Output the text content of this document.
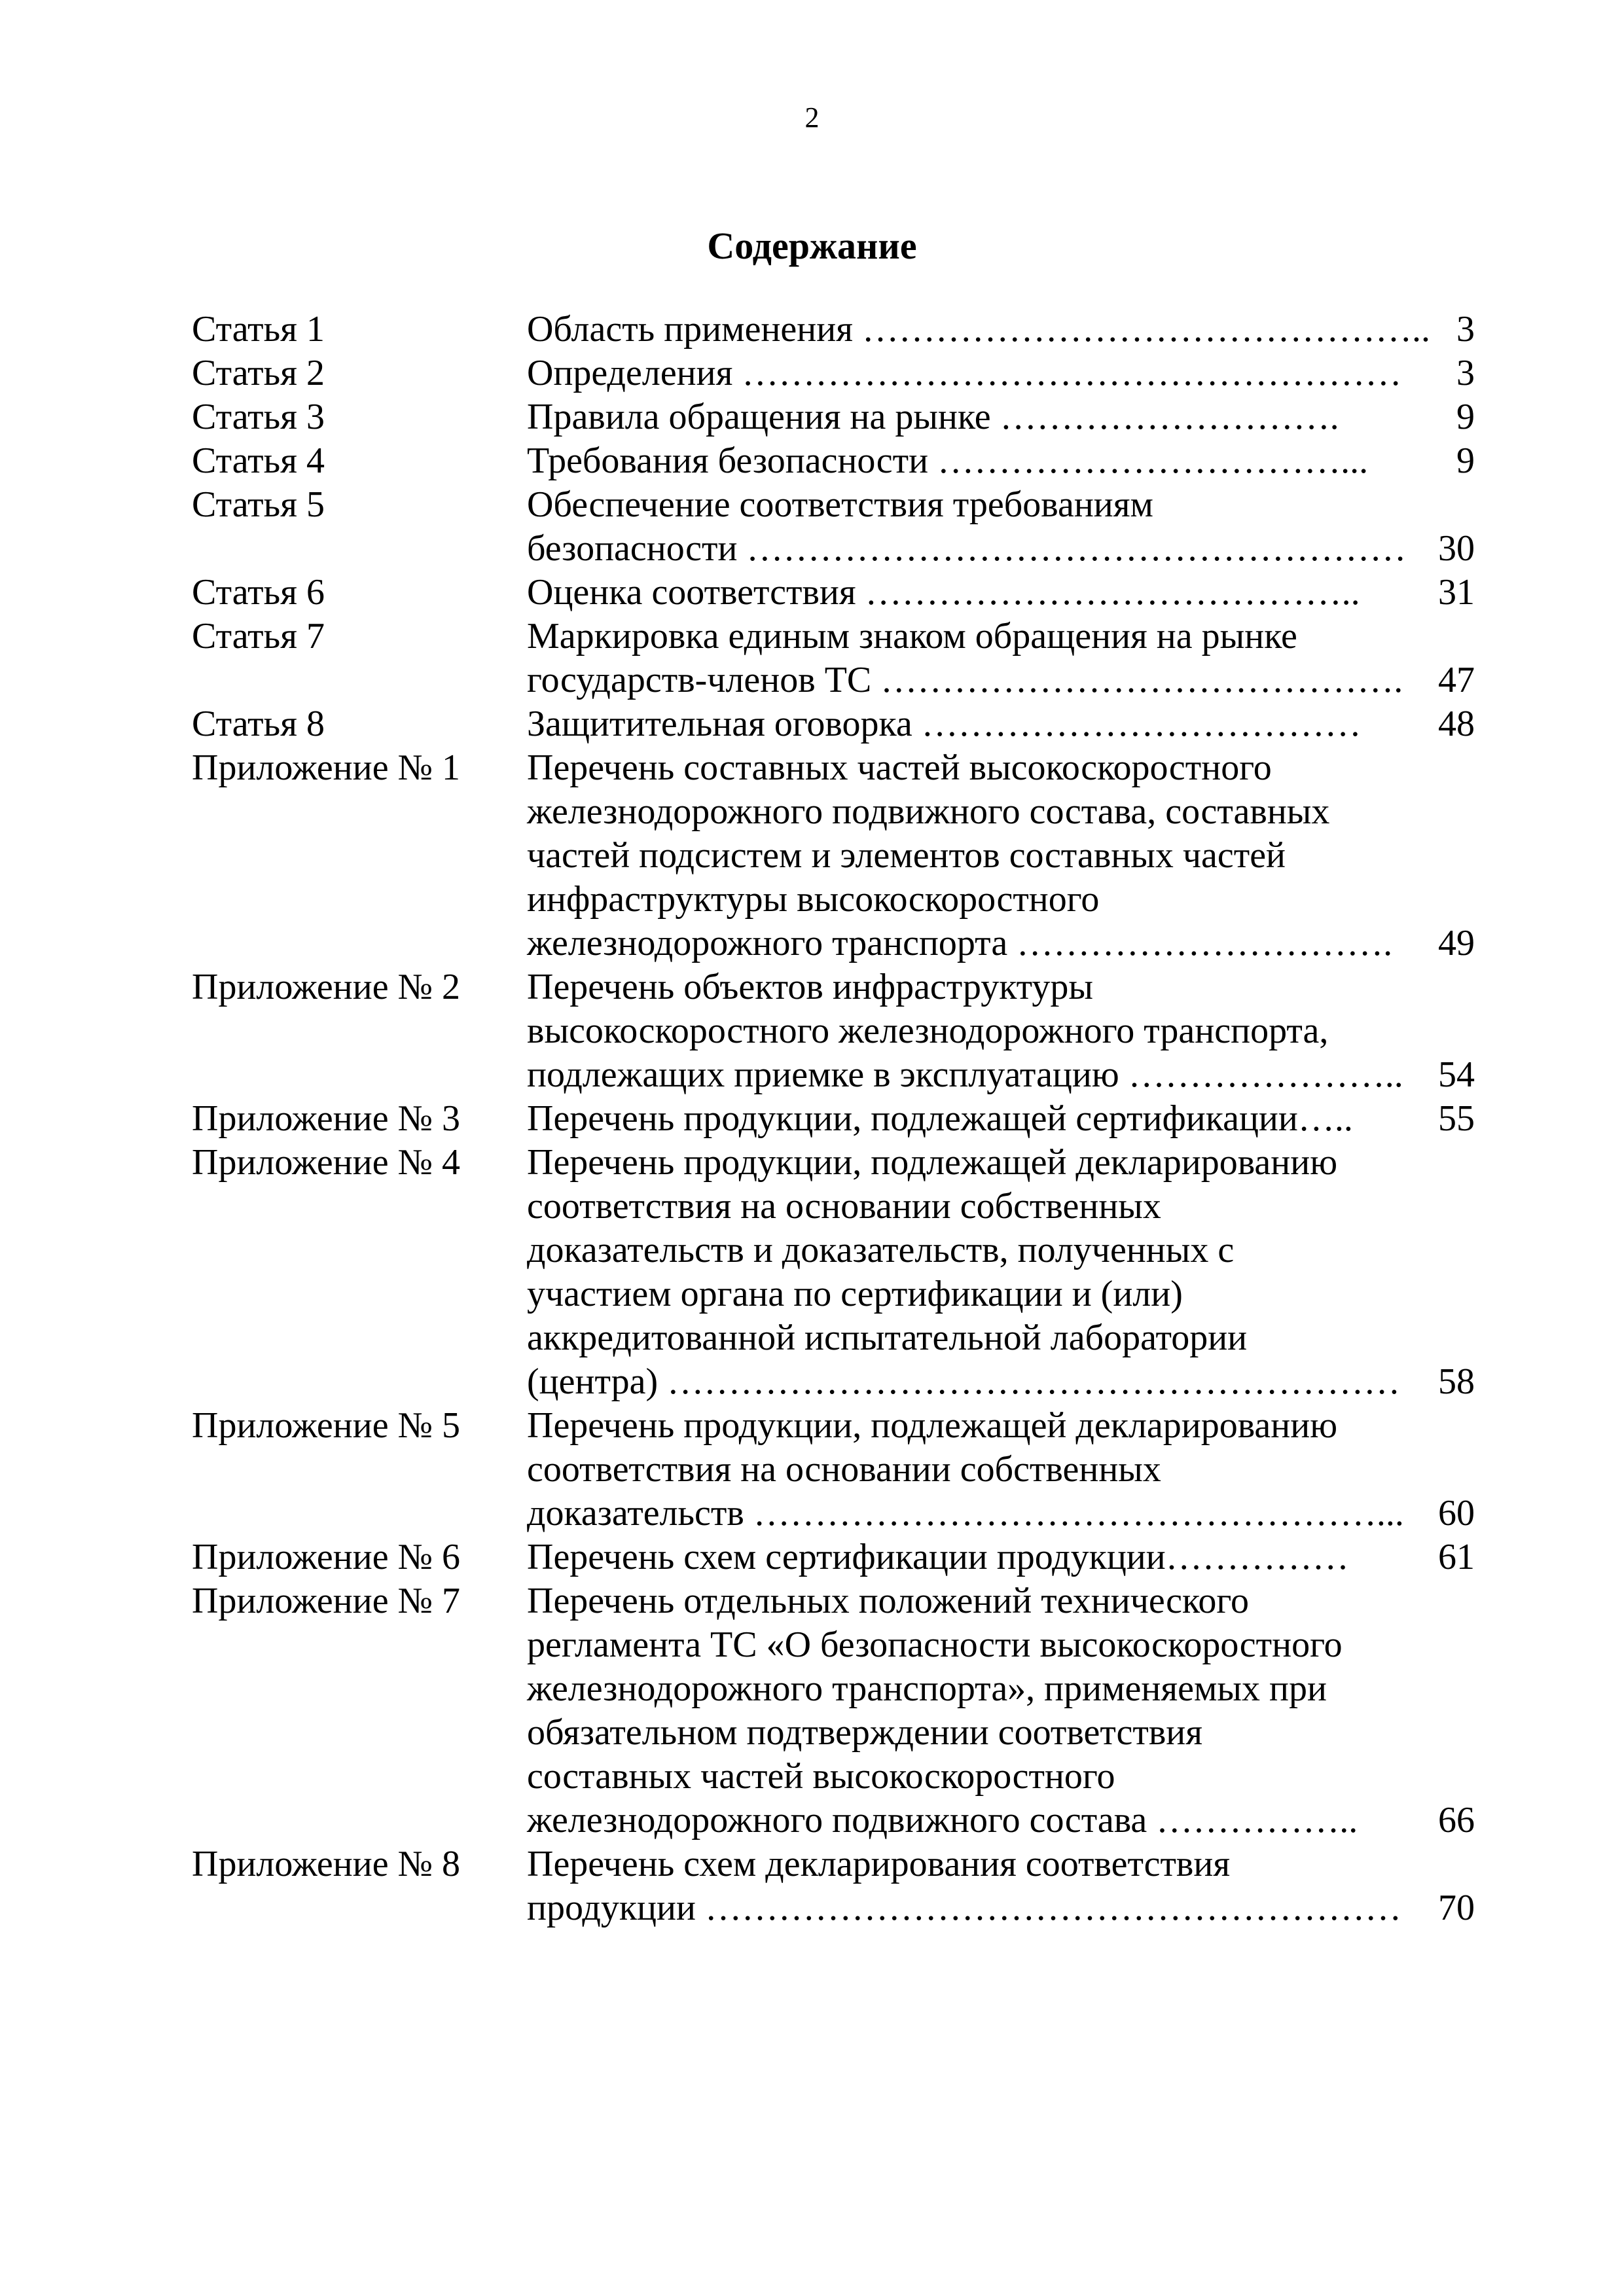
2
Содержание
Статья 1	Область применения ……………………………………….. 3
Статья 2	Определения ………………………………………………	3
Статья 3	Правила обращения на рынке ……………………….	9
Статья 4	Требования безопасности ……………………………...	9
Статья 5	Обеспечение соответствия требованиям
безопасности ……………………………………………… 30
Статья 6	Оценка соответствия …………………………………..	31
Статья 7	Маркировка единым знаком обращения на рынке
государств-членов ТС ……………………………………. 47
Статья 8	Защитительная оговорка ………………………………	48
Приложение № 1	Перечень составных частей высокоскоростного
железнодорожного подвижного состава, составных
частей подсистем и элементов составных частей
инфраструктуры высокоскоростного
железнодорожного транспорта ………………………….	49
Приложение № 2	Перечень объектов инфраструктуры
высокоскоростного железнодорожного транспорта,
подлежащих приемке в эксплуатацию ………………….. 54
Приложение № 3	Перечень продукции, подлежащей сертификации…..	55
Приложение № 4	Перечень продукции, подлежащей декларированию
соответствия на основании собственных
доказательств и доказательств, полученных с
участием органа по сертификации и (или)
аккредитованной испытательной лаборатории
(центра) ……………………………………………………	58
Приложение № 5	Перечень продукции, подлежащей декларированию
соответствия на основании собственных
доказательств ……………………………………………... 60
Приложение № 6	Перечень схем сертификации продукции……………	61
Приложение № 7	Перечень отдельных положений технического
регламента ТС «О безопасности высокоскоростного
железнодорожного транспорта», применяемых при
обязательном подтверждении соответствия
составных частей высокоскоростного
железнодорожного подвижного состава ……………..	66
Приложение № 8	Перечень схем декларирования соответствия
продукции …………………………………………………	70
